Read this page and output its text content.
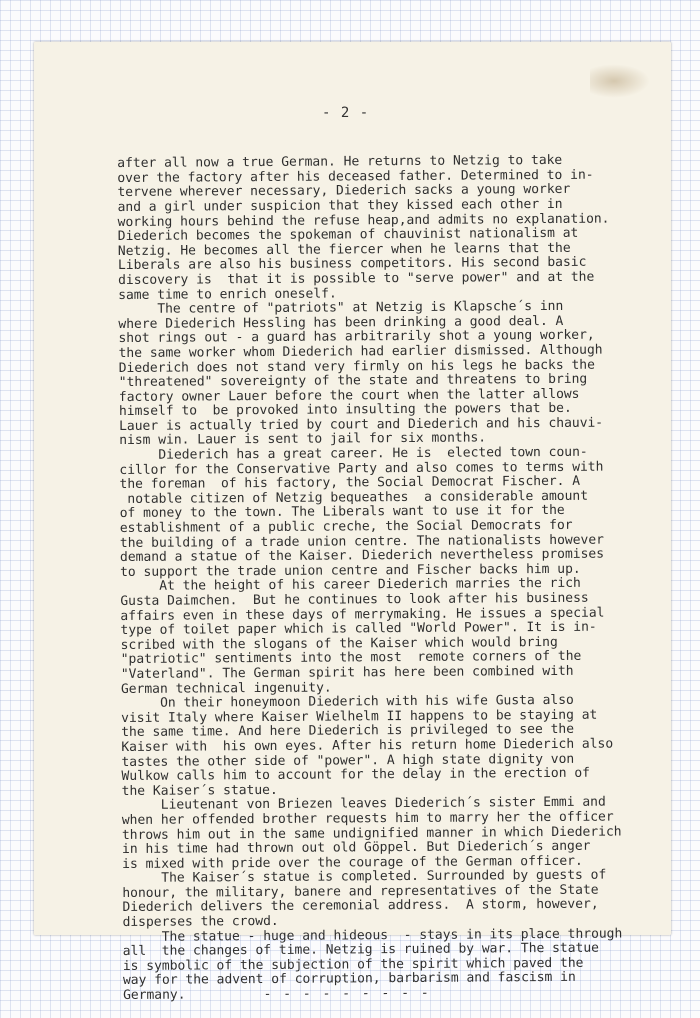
- 2 -

after all now a true German. He returns to Netzig to take
over the factory after his deceased father. Determined to in-
tervene wherever necessary, Diederich sacks a young worker
and a girl under suspicion that they kissed each other in
working hours behind the refuse heap,and admits no explanation.
Diederich becomes the spokeman of chauvinist nationalism at
Netzig. He becomes all the fiercer when he learns that the
Liberals are also his business competitors. His second basic
discovery is  that it is possible to "serve power" and at the
same time to enrich oneself.
The centre of "patriots" at Netzig is Klapsche´s inn
where Diederich Hessling has been drinking a good deal. A
shot rings out - a guard has arbitrarily shot a young worker,
the same worker whom Diederich had earlier dismissed. Although
Diederich does not stand very firmly on his legs he backs the
"threatened" sovereignty of the state and threatens to bring
factory owner Lauer before the court when the latter allows
himself to  be provoked into insulting the powers that be.
Lauer is actually tried by court and Diederich and his chauvi-
nism win. Lauer is sent to jail for six months.
Diederich has a great career. He is  elected town coun-
cillor for the Conservative Party and also comes to terms with
the foreman  of his factory, the Social Democrat Fischer. A
notable citizen of Netzig bequeathes  a considerable amount
of money to the town. The Liberals want to use it for the
establishment of a public creche, the Social Democrats for
the building of a trade union centre. The nationalists however
demand a statue of the Kaiser. Diederich nevertheless promises
to support the trade union centre and Fischer backs him up.
At the height of his career Diederich marries the rich
Gusta Daimchen.  But he continues to look after his business
affairs even in these days of merrymaking. He issues a special
type of toilet paper which is called "World Power". It is in-
scribed with the slogans of the Kaiser which would bring
"patriotic" sentiments into the most  remote corners of the
"Vaterland". The German spirit has here been combined with
German technical ingenuity.
On their honeymoon Diederich with his wife Gusta also
visit Italy where Kaiser Wielhelm II happens to be staying at
the same time. And here Diederich is privileged to see the
Kaiser with  his own eyes. After his return home Diederich also
tastes the other side of "power". A high state dignity von
Wulkow calls him to account for the delay in the erection of
the Kaiser´s statue.
Lieutenant von Briezen leaves Diederich´s sister Emmi and
when her offended brother requests him to marry her the officer
throws him out in the same undignified manner in which Diederich
in his time had thrown out old Göppel. But Diederich´s anger
is mixed with pride over the courage of the German officer.
The Kaiser´s statue is completed. Surrounded by guests of
honour, the military, banere and representatives of the State
Diederich delivers the ceremonial address.  A storm, however,
disperses the crowd.
The statue - huge and hideous  - stays in its place through
all  the changes of time. Netzig is ruined by war. The statue
is symbolic of the subjection of the spirit which paved the
way for the advent of corruption, barbarism and fascism in
Germany.	- - - - - - - - -
